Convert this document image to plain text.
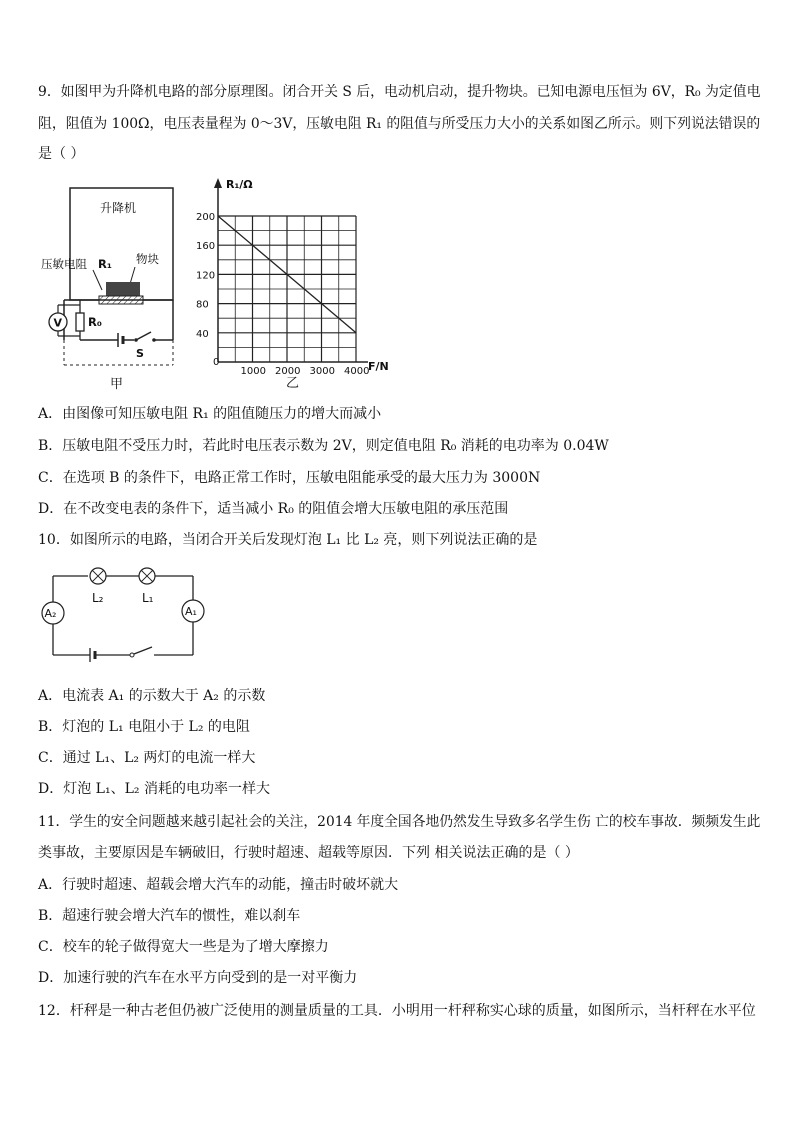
9．如图甲为升降机电路的部分原理图。闭合开关 S 后，电动机启动，提升物块。已知电源电压恒为 6V，R₀ 为定值电
阻，阻值为 100Ω，电压表量程为 0～3V，压敏电阻 R₁ 的阻值与所受压力大小的关系如图乙所示。则下列说法错误的
是（ ）
升降机
压敏电阻 R₁ 物块
R₀
V
S
甲
40
80
120
160
200
1000 2000 3000 4000
R₁/Ω
F/N
0
乙
A．由图像可知压敏电阻 R₁ 的阻值随压力的增大而减小
B．压敏电阻不受压力时，若此时电压表示数为 2V，则定值电阻 R₀ 消耗的电功率为 0.04W
C．在选项 B 的条件下，电路正常工作时，压敏电阻能承受的最大压力为 3000N
D．在不改变电表的条件下，适当减小 R₀ 的阻值会增大压敏电阻的承压范围
10．如图所示的电路，当闭合开关后发现灯泡 L₁ 比 L₂ 亮，则下列说法正确的是
L₂	L₁
A₂	A₁
A．电流表 A₁ 的示数大于 A₂ 的示数
B．灯泡的 L₁ 电阻小于 L₂ 的电阻
C．通过 L₁、L₂ 两灯的电流一样大
D．灯泡 L₁、L₂ 消耗的电功率一样大
11．学生的安全问题越来越引起社会的关注，2014 年度全国各地仍然发生导致多名学生伤 亡的校车事故．频频发生此
类事故，主要原因是车辆破旧，行驶时超速、超载等原因．下列 相关说法正确的是（ ）
A．行驶时超速、超载会增大汽车的动能，撞击时破坏就大
B．超速行驶会增大汽车的惯性，难以刹车
C．校车的轮子做得宽大一些是为了增大摩擦力
D．加速行驶的汽车在水平方向受到的是一对平衡力
12．杆秤是一种古老但仍被广泛使用的测量质量的工具．小明用一杆秤称实心球的质量，如图所示，当杆秤在水平位
